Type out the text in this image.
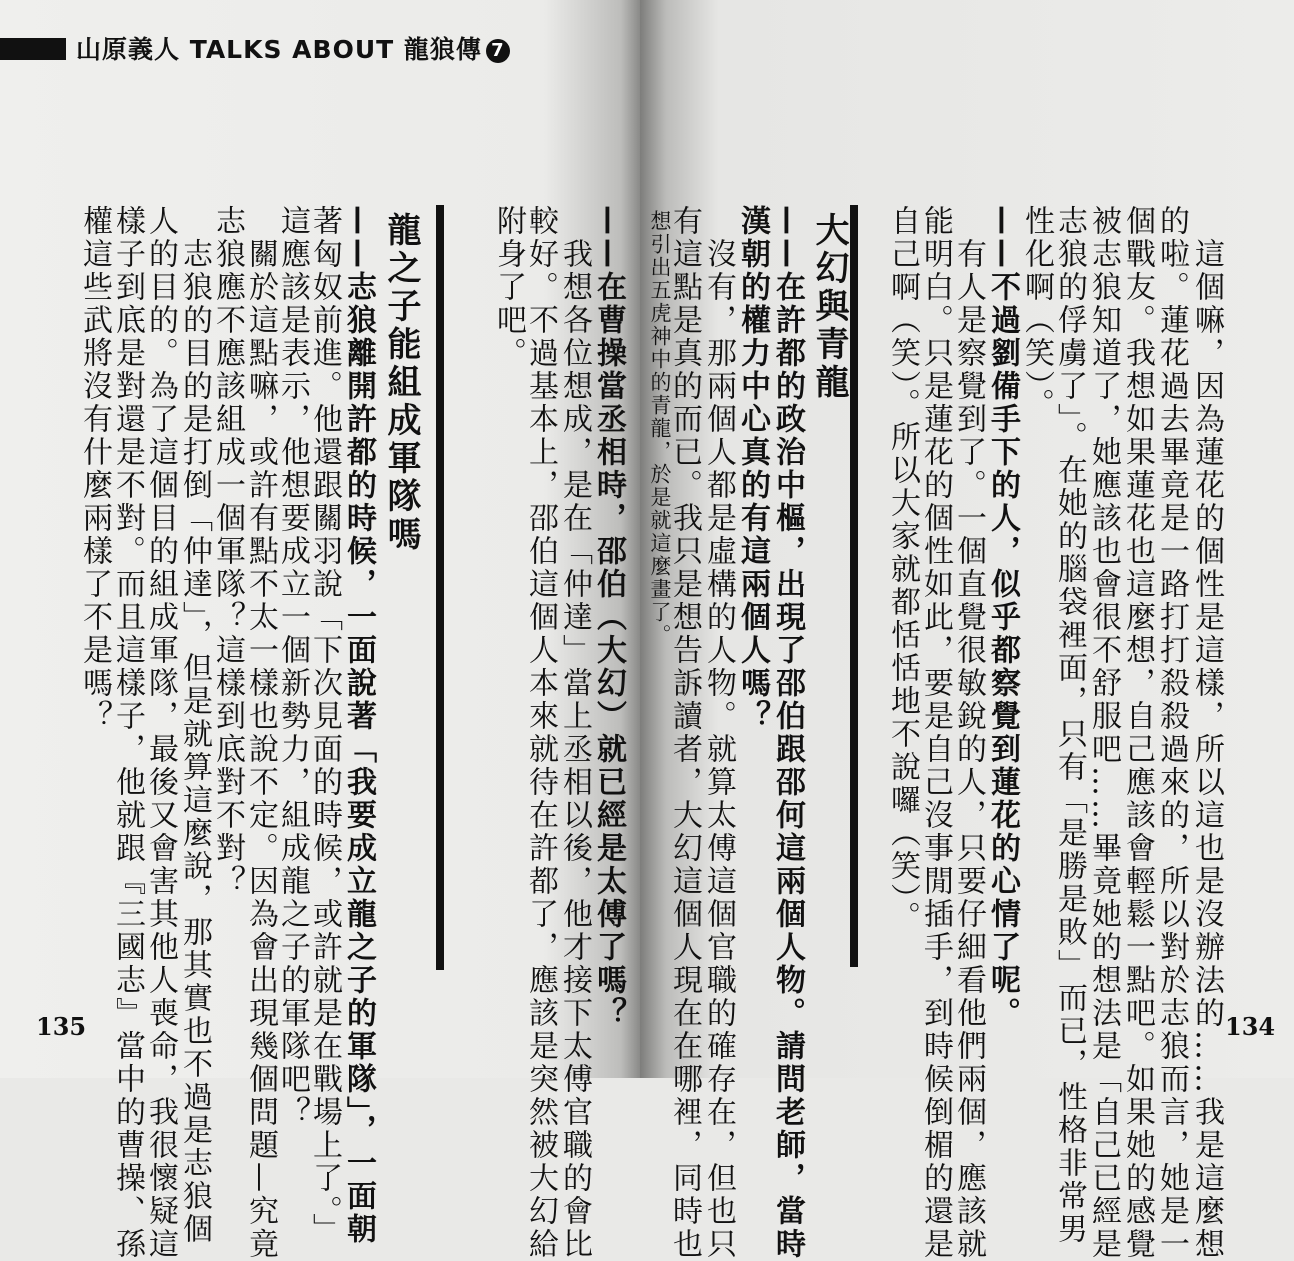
山原義人 TALKS ABOUT 龍狼傳 7
——在曹操當丞相時，邵伯（大幻）就已經是太傅了嗎？
我想各位想成，是在「仲達」當上丞相以後，他才接下太傅官職的會比
較好。不過基本上，邵伯這個人本來就待在許都了，應該是突然被大幻給
附身了吧。
龍之子能組成軍隊嗎
——志狼離開許都的時候，一面說著「我要成立龍之子的軍隊」，一面朝
著匈奴前進。他還跟關羽說「下次見面的時候，或許就是在戰場上了。」
這應該是表示，他想要成立一個新勢力，組成龍之子的軍隊吧？
關於這點嘛，或許有點不太一樣也說不定。因為會出現幾個問題—究竟
志狼應不應該組成一個軍隊？這樣到底對不對？
志狼的目的是打倒「仲達」，但是就算這麼說，那其實也不過是志狼個
人的目的。為了這個目的組成軍隊，最後又會害其他人喪命，我很懷疑這
樣子到底是對還是不對。而且這樣子，他就跟『三國志』當中的曹操、孫
權這些武將沒有什麼兩樣了不是嗎？
135	這個嘛，因為蓮花的個性是這樣，所以這也是沒辦法的……我是這麼想
的啦。蓮花過去畢竟是一路打打殺殺過來的，所以對於志狼而言，她是一
個戰友。我想如果蓮花也這麼想，自己應該會輕鬆一點吧。如果她的感覺
被志狼知道了，她應該也會很不舒服吧……畢竟她的想法是「自己已經是
志狼的俘虜了」。在她的腦袋裡面，只有「是勝是敗」而已，性格非常男
性化啊（笑）。
——不過劉備手下的人，似乎都察覺到蓮花的心情了呢。
有人是察覺到了。一個直覺很敏銳的人，只要仔細看他們兩個，應該就
能明白。只是蓮花的個性如此，要是自己沒事閒插手，到時候倒楣的還是
自己啊（笑）。所以大家就都恬恬地不說囉（笑）。
大幻與青龍
——在許都的政治中樞，出現了邵伯跟邵何這兩個人物。請問老師，當時
漢朝的權力中心真的有這兩個人嗎？
沒有，那兩個人都是虛構的人物。就算太傅這個官職的確存在，但也只
有這點是真的而已。我只是想告訴讀者，大幻這個人現在在哪裡，同時也
想引出五虎神中的青龍，於是就這麼畫了。
134
